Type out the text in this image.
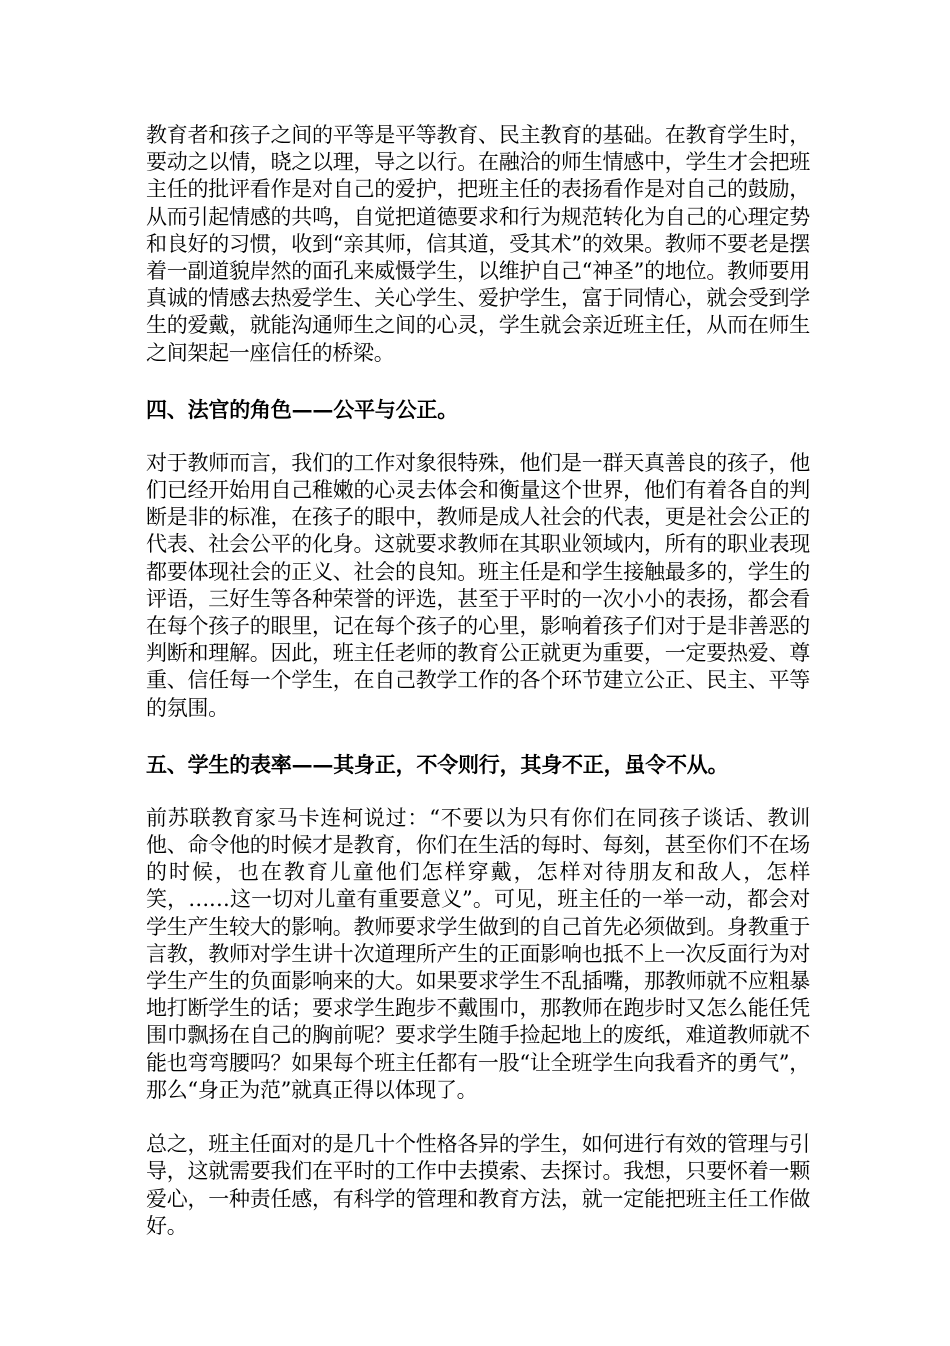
教育者和孩子之间的平等是平等教育、民主教育的基础。在教育学生时，要动之以情，晓之以理，导之以行。在融洽的师生情感中，学生才会把班主任的批评看作是对自己的爱护，把班主任的表扬看作是对自己的鼓励，从而引起情感的共鸣，自觉把道德要求和行为规范转化为自己的心理定势和良好的习惯，收到“亲其师，信其道，受其术”的效果。教师不要老是摆着一副道貌岸然的面孔来威慑学生，以维护自己“神圣”的地位。教师要用真诚的情感去热爱学生、关心学生、爱护学生，富于同情心，就会受到学生的爱戴，就能沟通师生之间的心灵，学生就会亲近班主任，从而在师生之间架起一座信任的桥梁。

四、法官的角色——公平与公正。

对于教师而言，我们的工作对象很特殊，他们是一群天真善良的孩子，他们已经开始用自己稚嫩的心灵去体会和衡量这个世界，他们有着各自的判断是非的标准，在孩子的眼中，教师是成人社会的代表，更是社会公正的代表、社会公平的化身。这就要求教师在其职业领域内，所有的职业表现都要体现社会的正义、社会的良知。班主任是和学生接触最多的，学生的评语，三好生等各种荣誉的评选，甚至于平时的一次小小的表扬，都会看在每个孩子的眼里，记在每个孩子的心里，影响着孩子们对于是非善恶的判断和理解。因此，班主任老师的教育公正就更为重要，一定要热爱、尊重、信任每一个学生，在自己教学工作的各个环节建立公正、民主、平等的氛围。

五、学生的表率——其身正，不令则行，其身不正，虽令不从。

前苏联教育家马卡连柯说过：“不要以为只有你们在同孩子谈话、教训他、命令他的时候才是教育，你们在生活的每时、每刻，甚至你们不在场的时候，也在教育儿童他们怎样穿戴，怎样对待朋友和敌人，怎样笑，……这一切对儿童有重要意义”。可见，班主任的一举一动，都会对学生产生较大的影响。教师要求学生做到的自己首先必须做到。身教重于言教，教师对学生讲十次道理所产生的正面影响也抵不上一次反面行为对学生产生的负面影响来的大。如果要求学生不乱插嘴，那教师就不应粗暴地打断学生的话；要求学生跑步不戴围巾，那教师在跑步时又怎么能任凭围巾飘扬在自己的胸前呢？要求学生随手捡起地上的废纸，难道教师就不能也弯弯腰吗？如果每个班主任都有一股“让全班学生向我看齐的勇气”，那么“身正为范”就真正得以体现了。

总之，班主任面对的是几十个性格各异的学生，如何进行有效的管理与引导，这就需要我们在平时的工作中去摸索、去探讨。我想，只要怀着一颗爱心，一种责任感，有科学的管理和教育方法，就一定能把班主任工作做好。
